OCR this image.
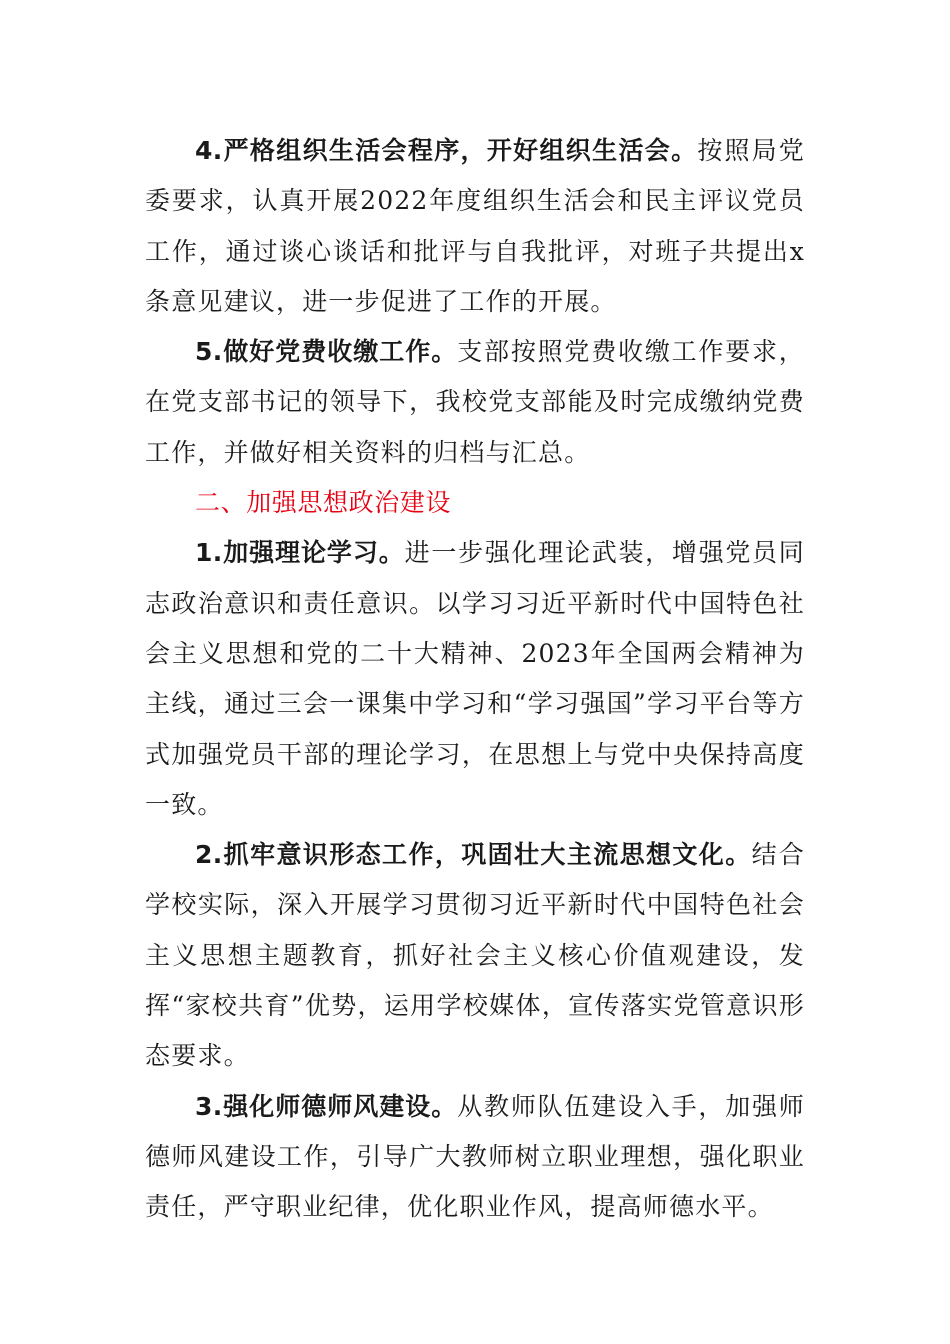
4.严格组织生活会程序，开好组织生活会。按照局党委要求，认真开展2022年度组织生活会和民主评议党员工作，通过谈心谈话和批评与自我批评，对班子共提出x条意见建议，进一步促进了工作的开展。

5.做好党费收缴工作。支部按照党费收缴工作要求，在党支部书记的领导下，我校党支部能及时完成缴纳党费工作，并做好相关资料的归档与汇总。

二、加强思想政治建设

1.加强理论学习。进一步强化理论武装，增强党员同志政治意识和责任意识。以学习习近平新时代中国特色社会主义思想和党的二十大精神、2023年全国两会精神为主线，通过三会一课集中学习和“学习强国”学习平台等方式加强党员干部的理论学习，在思想上与党中央保持高度一致。

2.抓牢意识形态工作，巩固壮大主流思想文化。结合学校实际，深入开展学习贯彻习近平新时代中国特色社会主义思想主题教育，抓好社会主义核心价值观建设，发挥“家校共育”优势，运用学校媒体，宣传落实党管意识形态要求。

3.强化师德师风建设。从教师队伍建设入手，加强师德师风建设工作，引导广大教师树立职业理想，强化职业责任，严守职业纪律，优化职业作风，提高师德水平。
